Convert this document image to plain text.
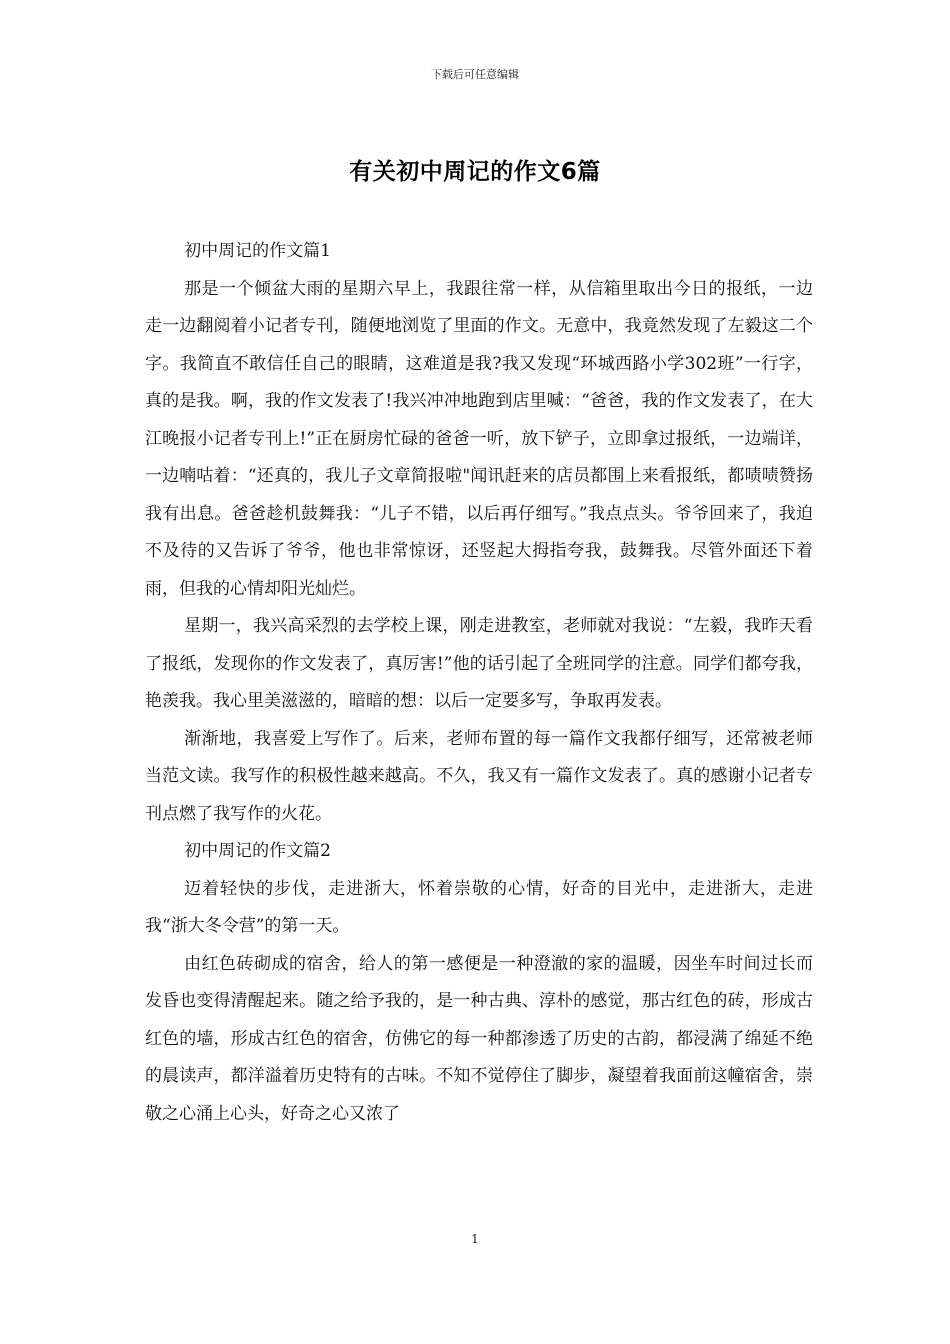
下载后可任意编辑
有关初中周记的作文6篇

初中周记的作文篇1

那是一个倾盆大雨的星期六早上，我跟往常一样，从信箱里取出今日的报纸，一边走一边翻阅着小记者专刊，随便地浏览了里面的作文。无意中，我竟然发现了左毅这二个字。我简直不敢信任自己的眼睛，这难道是我?我又发现“环城西路小学302班”一行字，真的是我。啊，我的作文发表了!我兴冲冲地跑到店里喊：“爸爸，我的作文发表了，在大江晚报小记者专刊上!”正在厨房忙碌的爸爸一听，放下铲子，立即拿过报纸，一边端详，一边喃咕着：“还真的，我儿子文章简报啦"闻讯赶来的店员都围上来看报纸，都啧啧赞扬我有出息。爸爸趁机鼓舞我：“儿子不错，以后再仔细写。”我点点头。爷爷回来了，我迫不及待的又告诉了爷爷，他也非常惊讶，还竖起大拇指夸我，鼓舞我。尽管外面还下着雨，但我的心情却阳光灿烂。

星期一，我兴高采烈的去学校上课，刚走进教室，老师就对我说：“左毅，我昨天看了报纸，发现你的作文发表了，真厉害!”他的话引起了全班同学的注意。同学们都夸我，艳羡我。我心里美滋滋的，暗暗的想：以后一定要多写，争取再发表。

渐渐地，我喜爱上写作了。后来，老师布置的每一篇作文我都仔细写，还常被老师当范文读。我写作的积极性越来越高。不久，我又有一篇作文发表了。真的感谢小记者专刊点燃了我写作的火花。

初中周记的作文篇2

迈着轻快的步伐，走进浙大，怀着崇敬的心情，好奇的目光中，走进浙大，走进我“浙大冬令营”的第一天。

由红色砖砌成的宿舍，给人的第一感便是一种澄澈的家的温暖，因坐车时间过长而发昏也变得清醒起来。随之给予我的，是一种古典、淳朴的感觉，那古红色的砖，形成古红色的墙，形成古红色的宿舍，仿佛它的每一种都渗透了历史的古韵，都浸满了绵延不绝的晨读声，都洋溢着历史特有的古味。不知不觉停住了脚步，凝望着我面前这幢宿舍，崇敬之心涌上心头，好奇之心又浓了

1
